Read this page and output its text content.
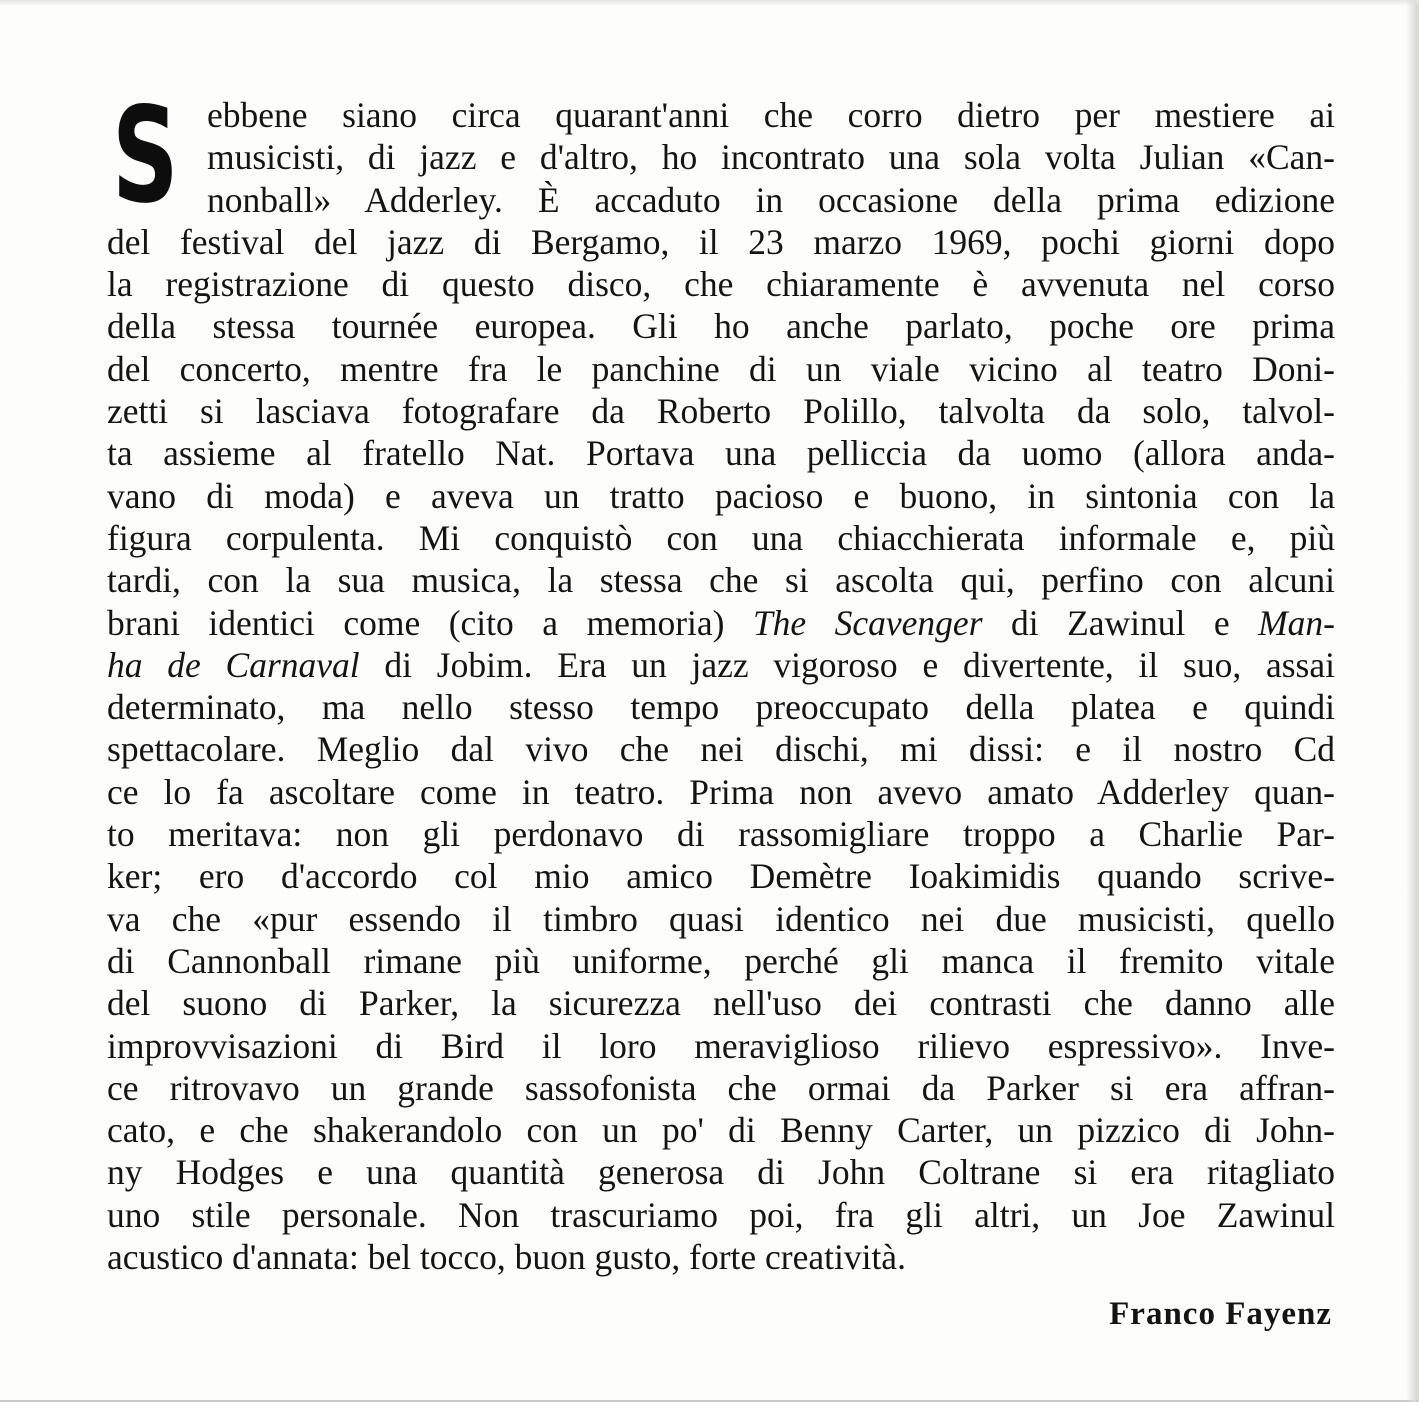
S ebbene siano circa quarant'anni che corro dietro per mestiere ai
musicisti, di jazz e d'altro, ho incontrato una sola volta Julian «Can-
nonball» Adderley. È accaduto in occasione della prima edizione
del festival del jazz di Bergamo, il 23 marzo 1969, pochi giorni dopo
la registrazione di questo disco, che chiaramente è avvenuta nel corso
della stessa tournée europea. Gli ho anche parlato, poche ore prima
del concerto, mentre fra le panchine di un viale vicino al teatro Doni-
zetti si lasciava fotografare da Roberto Polillo, talvolta da solo, talvol-
ta assieme al fratello Nat. Portava una pelliccia da uomo (allora anda-
vano di moda) e aveva un tratto pacioso e buono, in sintonia con la
figura corpulenta. Mi conquistò con una chiacchierata informale e, più
tardi, con la sua musica, la stessa che si ascolta qui, perfino con alcuni
brani identici come (cito a memoria) The Scavenger di Zawinul e Man-
ha de Carnaval di Jobim. Era un jazz vigoroso e divertente, il suo, assai
determinato, ma nello stesso tempo preoccupato della platea e quindi
spettacolare. Meglio dal vivo che nei dischi, mi dissi: e il nostro Cd
ce lo fa ascoltare come in teatro. Prima non avevo amato Adderley quan-
to meritava: non gli perdonavo di rassomigliare troppo a Charlie Par-
ker; ero d'accordo col mio amico Demètre Ioakimidis quando scrive-
va che «pur essendo il timbro quasi identico nei due musicisti, quello
di Cannonball rimane più uniforme, perché gli manca il fremito vitale
del suono di Parker, la sicurezza nell'uso dei contrasti che danno alle
improvvisazioni di Bird il loro meraviglioso rilievo espressivo». Inve-
ce ritrovavo un grande sassofonista che ormai da Parker si era affran-
cato, e che shakerandolo con un po' di Benny Carter, un pizzico di John-
ny Hodges e una quantità generosa di John Coltrane si era ritagliato
uno stile personale. Non trascuriamo poi, fra gli altri, un Joe Zawinul
acustico d'annata: bel tocco, buon gusto, forte creatività.

Franco Fayenz
